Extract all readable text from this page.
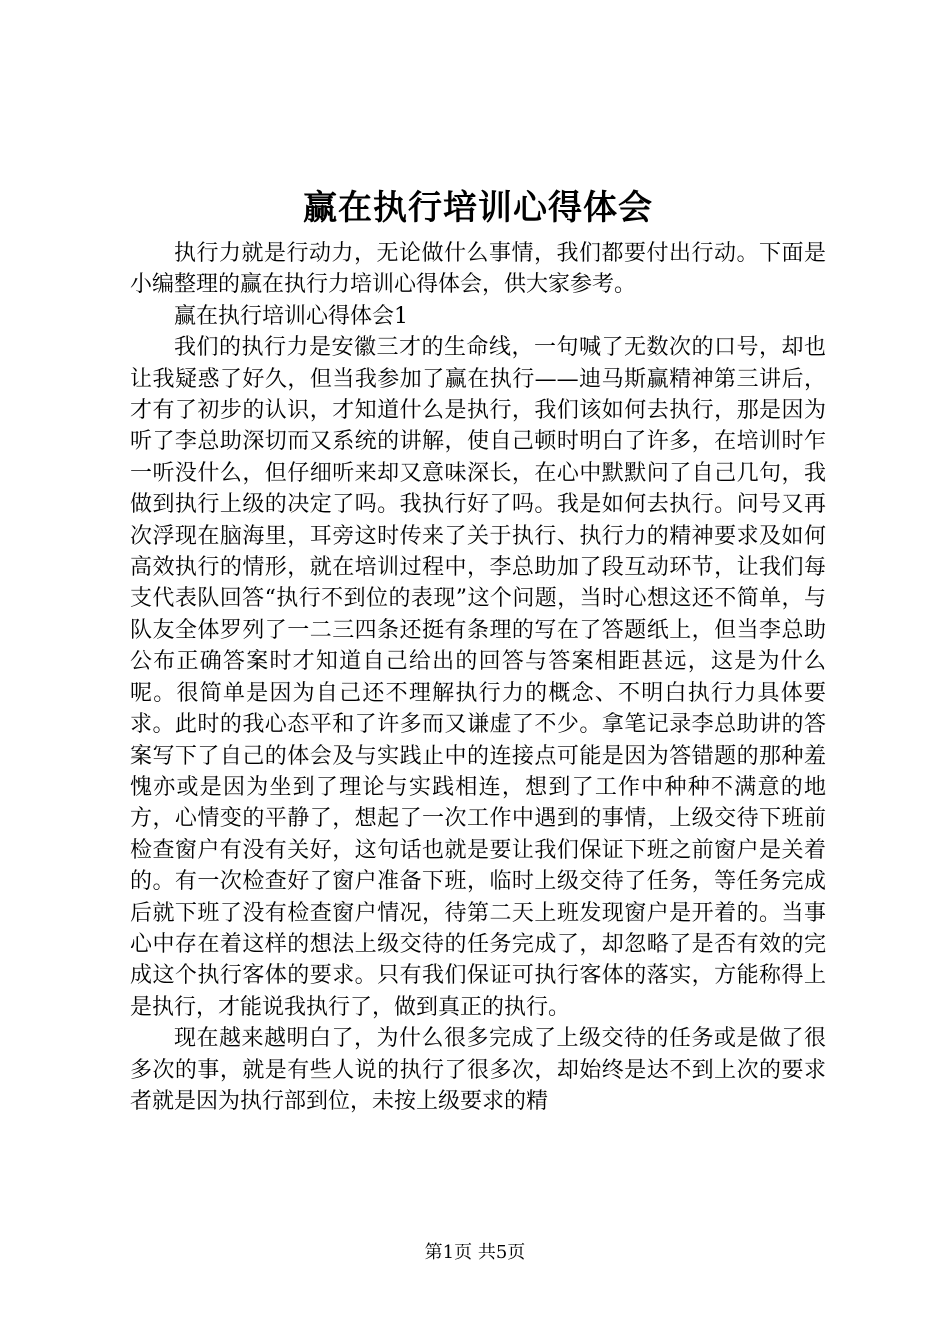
赢在执行培训心得体会

执行力就是行动力，无论做什么事情，我们都要付出行动。下面是小编整理的赢在执行力培训心得体会，供大家参考。

赢在执行培训心得体会1

我们的执行力是安徽三才的生命线，一句喊了无数次的口号，却也让我疑惑了好久，但当我参加了赢在执行——迪马斯赢精神第三讲后，才有了初步的认识，才知道什么是执行，我们该如何去执行，那是因为听了李总助深切而又系统的讲解，使自己顿时明白了许多，在培训时乍一听没什么，但仔细听来却又意味深长，在心中默默问了自己几句，我做到执行上级的决定了吗。我执行好了吗。我是如何去执行。问号又再次浮现在脑海里，耳旁这时传来了关于执行、执行力的精神要求及如何高效执行的情形，就在培训过程中，李总助加了段互动环节，让我们每支代表队回答“执行不到位的表现”这个问题，当时心想这还不简单，与队友全体罗列了一二三四条还挺有条理的写在了答题纸上，但当李总助公布正确答案时才知道自己给出的回答与答案相距甚远，这是为什么呢。很简单是因为自己还不理解执行力的概念、不明白执行力具体要求。此时的我心态平和了许多而又谦虚了不少。拿笔记录李总助讲的答案写下了自己的体会及与实践止中的连接点可能是因为答错题的那种羞愧亦或是因为坐到了理论与实践相连，想到了工作中种种不满意的地方，心情变的平静了，想起了一次工作中遇到的事情，上级交待下班前检查窗户有没有关好，这句话也就是要让我们保证下班之前窗户是关着的。有一次检查好了窗户准备下班，临时上级交待了任务，等任务完成后就下班了没有检查窗户情况，待第二天上班发现窗户是开着的。当事心中存在着这样的想法上级交待的任务完成了，却忽略了是否有效的完成这个执行客体的要求。只有我们保证可执行客体的落实，方能称得上是执行，才能说我执行了，做到真正的执行。

现在越来越明白了，为什么很多完成了上级交待的任务或是做了很多次的事，就是有些人说的执行了很多次，却始终是达不到上次的要求者就是因为执行部到位，未按上级要求的精

第1页 共5页
